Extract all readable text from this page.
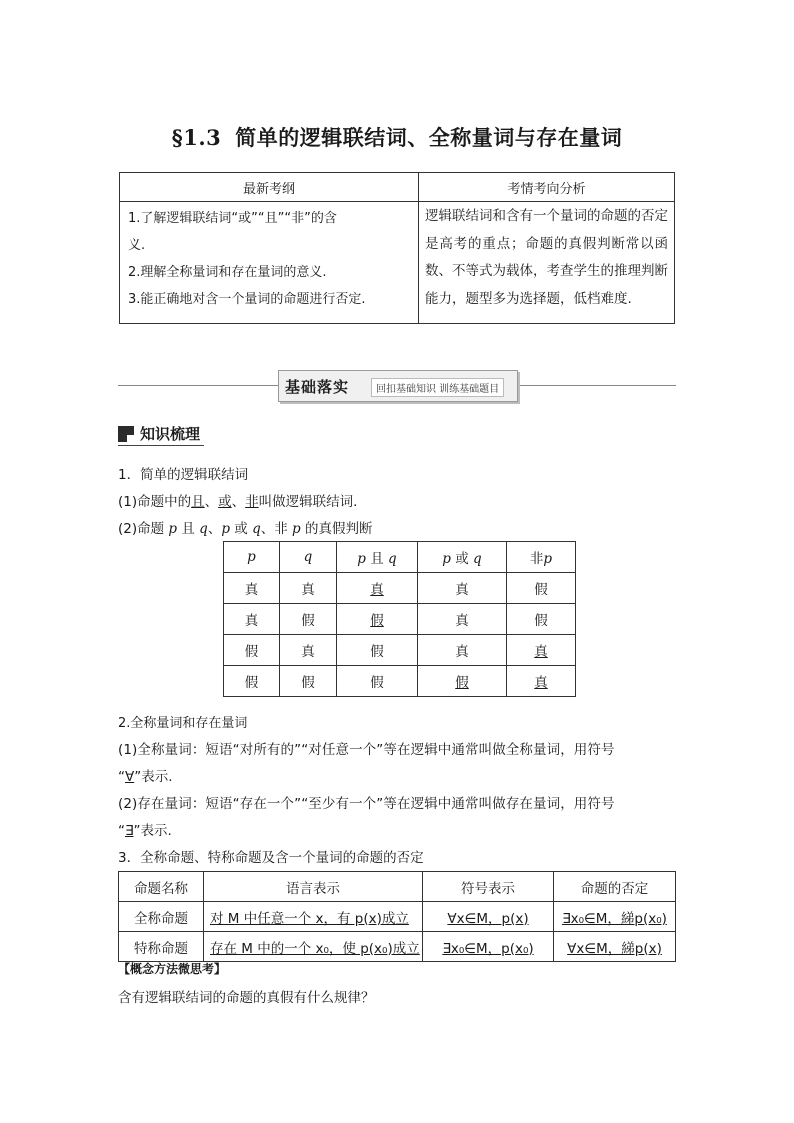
§1.3 简单的逻辑联结词、全称量词与存在量词
最新考纲	考情考向分析

1.了解逻辑联结词“或”“且”“非”的含
义.
2.理解全称量词和存在量词的意义.
3.能正确地对含一个量词的命题进行否定.	逻辑联结词和含有一个量词的命题的否定是高考的重点；命题的真假判断常以函数、不等式为载体，考查学生的推理判断能力，题型多为选择题，低档难度.
基础落实	回扣基础知识 训练基础题目
知识梳理
1．简单的逻辑联结词
(1)命题中的且、或、非叫做逻辑联结词.
(2)命题 p 且 q、p 或 q、非 p 的真假判断
p	q	p 且 q	p 或 q	非p
真	真	真	真	假
真	假	假	真	假
假	真	假	真	真
假	假	假	假	真
2.全称量词和存在量词
(1)全称量词：短语“对所有的”“对任意一个”等在逻辑中通常叫做全称量词，用符号
“∀”表示.
(2)存在量词：短语“存在一个”“至少有一个”等在逻辑中通常叫做存在量词，用符号
“∃”表示.
3．全称命题、特称命题及含一个量词的命题的否定
命题名称	语言表示	符号表示	命题的否定
全称命题	对 M 中任意一个 x，有 p(x)成立	∀x∈M，p(x)	∃x₀∈M，綈p(x₀)
特称命题	存在 M 中的一个 x₀，使 p(x₀)成立	∃x₀∈M，p(x₀)	∀x∈M，綈p(x)
【概念方法微思考】
含有逻辑联结词的命题的真假有什么规律？
